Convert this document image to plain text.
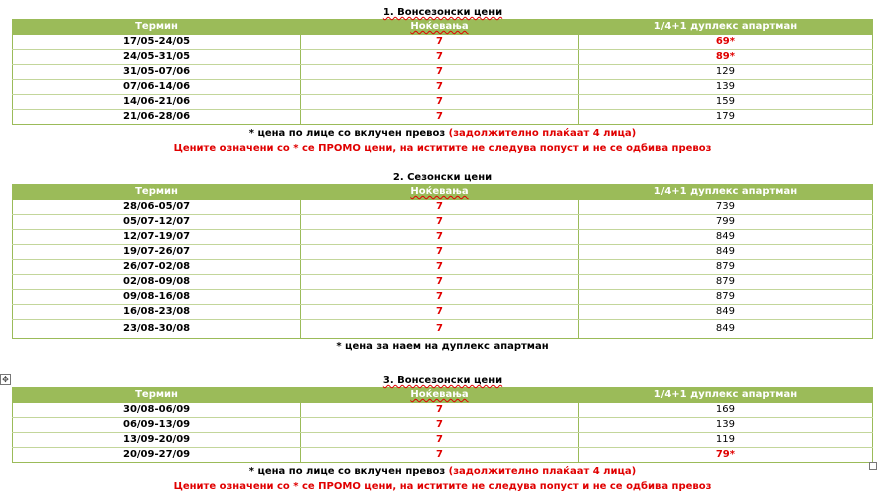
1. Вонсезонски цени
Термин	Ноќевања	1/4+1 дуплекс апартман
17/05-24/05	7	69*
24/05-31/05	7	89*
31/05-07/06	7	129
07/06-14/06	7	139
14/06-21/06	7	159
21/06-28/06	7	179
* цена по лице со вклучен превоз (задолжително плаќаат 4 лица)
Цените означени со * се ПРОМО цени, на иститите не следува попуст и не се одбива превоз
2. Сезонски цени
Термин	Ноќевања	1/4+1 дуплекс апартман
28/06-05/07	7	739
05/07-12/07	7	799
12/07-19/07	7	849
19/07-26/07	7	849
26/07-02/08	7	879
02/08-09/08	7	879
09/08-16/08	7	879
16/08-23/08	7	849
23/08-30/08	7	849
* цена за наем на дуплекс апартман
✥	3. Вонсезонски цени
Термин	Ноќевања	1/4+1 дуплекс апартман
30/08-06/09	7	169
06/09-13/09	7	139
13/09-20/09	7	119
20/09-27/09	7	79*
* цена по лице со вклучен превоз (задолжително плаќаат 4 лица)
Цените означени со * се ПРОМО цени, на иститите не следува попуст и не се одбива превоз
